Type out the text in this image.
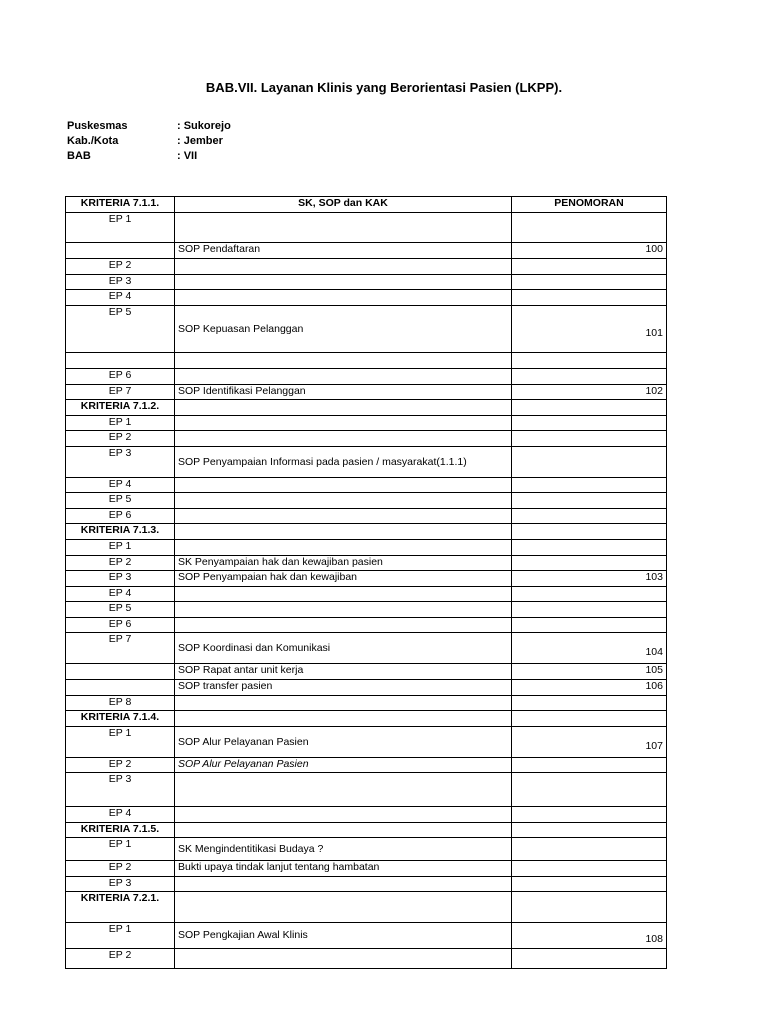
BAB.VII. Layanan Klinis yang Berorientasi Pasien (LKPP).
Puskesmas	: Sukorejo
Kab./Kota	: Jember
BAB	: VII
KRITERIA 7.1.1.	SK, SOP dan KAK	PENOMORAN
EP 1		
	SOP Pendaftaran	100
EP 2		
EP 3		
EP 4		
EP 5	SOP Kepuasan Pelanggan	101

EP 6		
EP 7	SOP Identifikasi Pelanggan	102
KRITERIA 7.1.2.		
EP 1		
EP 2		
EP 3	SOP Penyampaian Informasi pada pasien / masyarakat(1.1.1)	
EP 4		
EP 5		
EP 6		
KRITERIA 7.1.3.		
EP 1		
EP 2	SK Penyampaian hak dan kewajiban pasien	
EP 3	SOP Penyampaian hak dan kewajiban	103
EP 4		
EP 5		
EP 6		
EP 7	SOP Koordinasi dan Komunikasi	104
	SOP Rapat antar unit kerja	105
	SOP transfer pasien	106
EP 8		
KRITERIA 7.1.4.		
EP 1	SOP Alur Pelayanan Pasien	107
EP 2	SOP Alur Pelayanan Pasien	
EP 3		
EP 4		
KRITERIA 7.1.5.		
EP 1	SK Mengindentitikasi Budaya ?	
EP 2	Bukti upaya tindak lanjut tentang hambatan	
EP 3		
KRITERIA 7.2.1.		
EP 1	SOP Pengkajian Awal Klinis	108
EP 2		
